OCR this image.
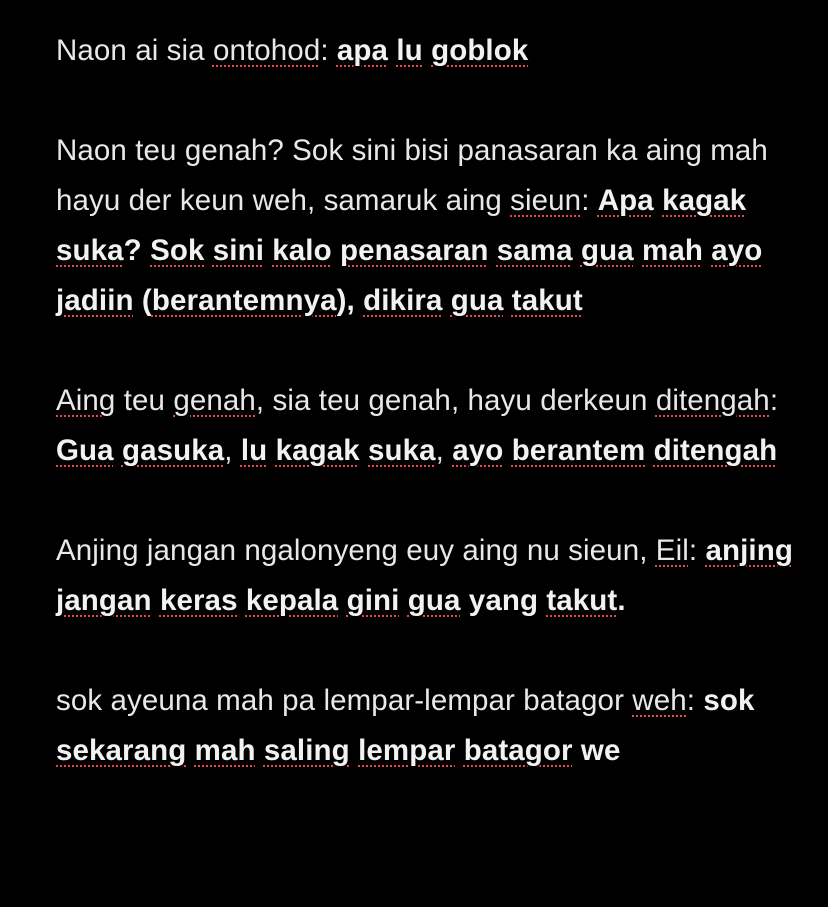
Naon ai sia ontohod: apa lu goblok

Naon teu genah? Sok sini bisi panasaran ka aing mah hayu der keun weh, samaruk aing sieun: Apa kagak suka? Sok sini kalo penasaran sama gua mah ayo jadiin (berantemnya), dikira gua takut

Aing teu genah, sia teu genah, hayu derkeun ditengah: Gua gasuka, lu kagak suka, ayo berantem ditengah

Anjing jangan ngalonyeng euy aing nu sieun, Eil: anjing jangan keras kepala gini gua yang takut.

sok ayeuna mah pa lempar-lempar batagor weh: sok sekarang mah saling lempar batagor we
